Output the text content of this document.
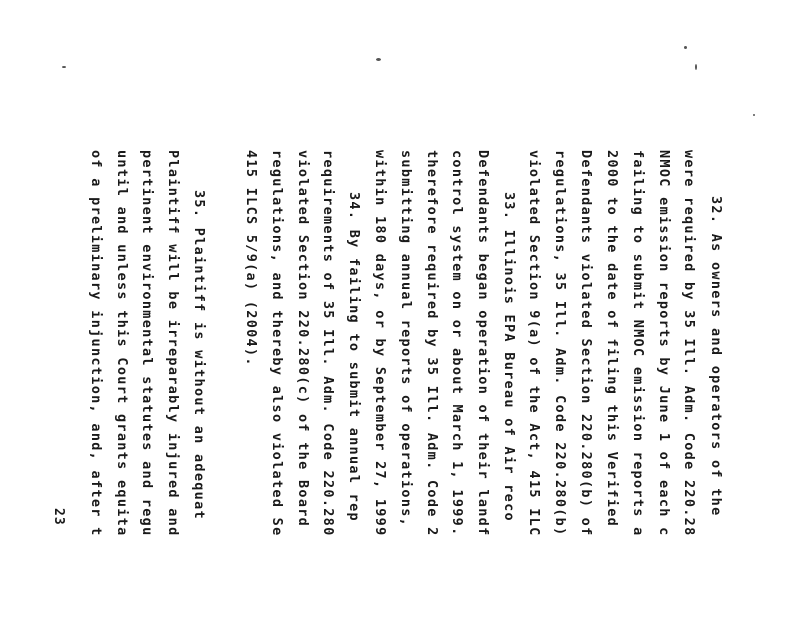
32. As owners and operators of the
were required by 35 Ill. Adm. Code 220.28
NMOC emission reports by June 1 of each c
failing to submit NMOC emission reports a
2000 to the date of filing this Verified
Defendants violated Section 220.280(b) of
regulations, 35 Ill. Adm. Code 220.280(b)
violated Section 9(a) of the Act, 415 ILC
33. Illinois EPA Bureau of Air reco
Defendants began operation of their landf
control system on or about March 1, 1999.
therefore required by 35 Ill. Adm. Code 2
submitting annual reports of operations,
within 180 days, or by September 27, 1999
34. By failing to submit annual rep
requirements of 35 Ill. Adm. Code 220.280
violated Section 220.280(c) of the Board
regulations, and thereby also violated Se
415 ILCS 5/9(a) (2004).
35. Plaintiff is without an adequat
Plaintiff will be irreparably injured and
pertinent environmental statutes and regu
until and unless this Court grants equita
of a preliminary injunction, and, after t
23
